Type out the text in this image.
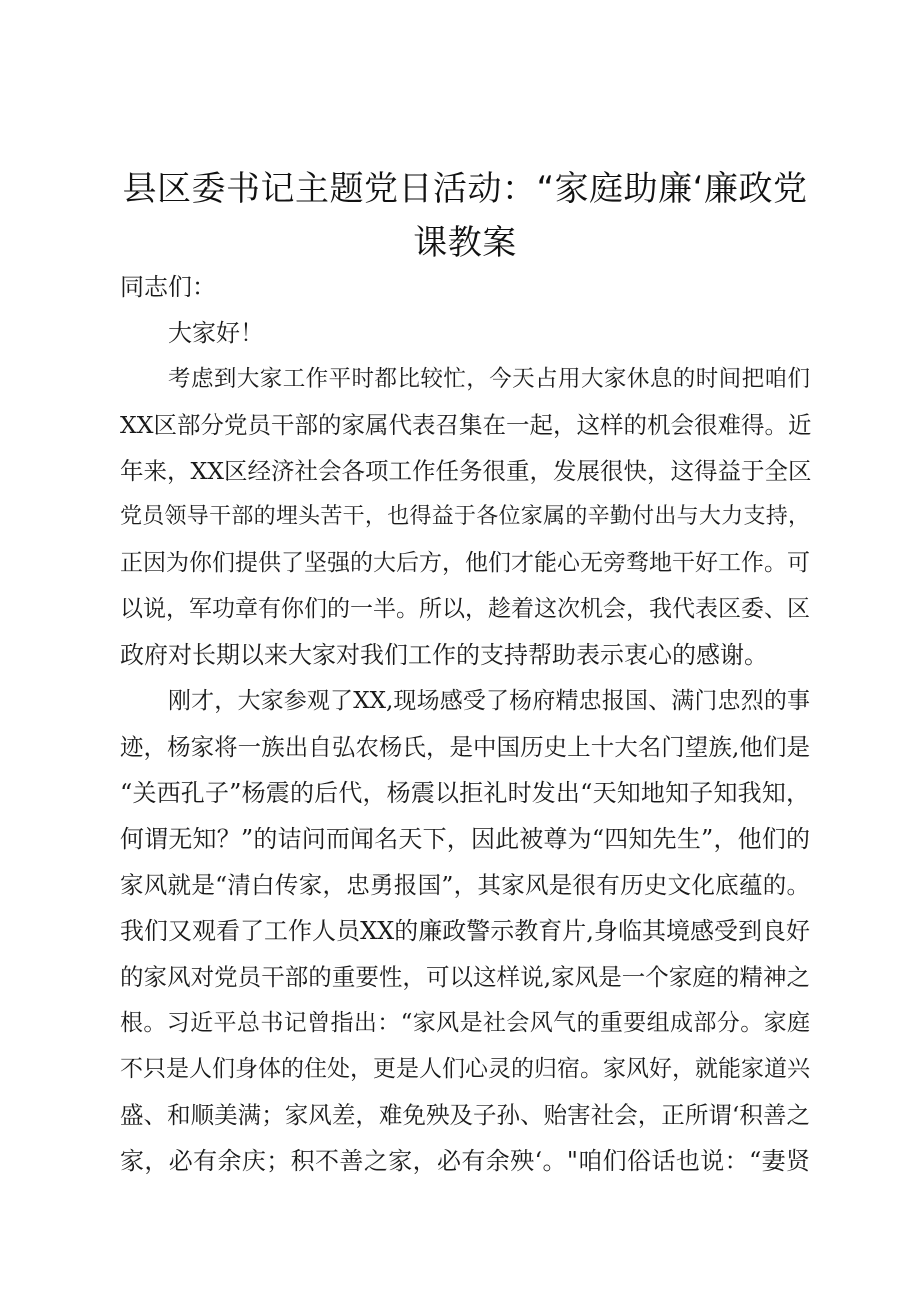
县区委书记主题党日活动：“家庭助廉‘廉政党
课教案
同志们：
大家好！
考虑到大家工作平时都比较忙，今天占用大家休息的时间把咱们
XX区部分党员干部的家属代表召集在一起，这样的机会很难得。近
年来，XX区经济社会各项工作任务很重，发展很快，这得益于全区
党员领导干部的埋头苦干，也得益于各位家属的辛勤付出与大力支持，
正因为你们提供了坚强的大后方，他们才能心无旁骛地干好工作。可
以说，军功章有你们的一半。所以，趁着这次机会，我代表区委、区
政府对长期以来大家对我们工作的支持帮助表示衷心的感谢。
刚才，大家参观了XX,现场感受了杨府精忠报国、满门忠烈的事
迹，杨家将一族出自弘农杨氏，是中国历史上十大名门望族,他们是
“关西孔子”杨震的后代，杨震以拒礼时发出“天知地知子知我知，
何谓无知？”的诘问而闻名天下，因此被尊为“四知先生”，他们的
家风就是“清白传家，忠勇报国”，其家风是很有历史文化底蕴的。
我们又观看了工作人员XX的廉政警示教育片,身临其境感受到良好
的家风对党员干部的重要性，可以这样说,家风是一个家庭的精神之
根。习近平总书记曾指出：“家风是社会风气的重要组成部分。家庭
不只是人们身体的住处，更是人们心灵的归宿。家风好，就能家道兴
盛、和顺美满；家风差，难免殃及子孙、贻害社会，正所谓‘积善之
家，必有余庆；积不善之家，必有余殃‘。"咱们俗话也说：“妻贤
